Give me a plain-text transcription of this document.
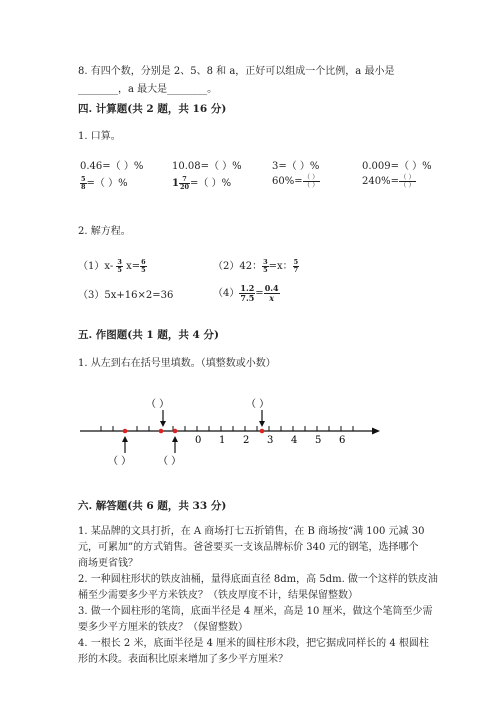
8. 有四个数，分别是 2、5、8 和 a，正好可以组成一个比例，a 最小是
________，a 最大是________。
四. 计算题(共 2 题，共 16 分)
1. 口算。
0.46=（ ）%	10.08=（ ）%	3=（ ）%	0.009=（ ）%
$\frac{5}{8}$ =（ ）%	$1 \frac{7}{20}$ =（ ）%	$60\%= \frac{( )}{( )}$	$240\%= \frac{( )}{( )}$
2. 解方程。
$(1)x- \frac{3}{5} x= \frac{6}{5}$	（2）42： $\frac{3}{5} =x$： $\frac{5}{7}$
（3）5x+16×2=36	$(4) \frac{1.2}{7.5} = \frac{0.4}{x}$
五. 作图题(共 1 题，共 4 分)
1. 从左到右在括号里填数。（填整数或小数）
（ ）	（ ）
0 1 2 3 4 5 6
（ ）	（ ）
六. 解答题(共 6 题，共 33 分)
1. 某品牌的文具打折，在 A 商场打七五折销售，在 B 商场按“满 100 元减 30
元，可累加”的方式销售。爸爸要买一支该品牌标价 340 元的钢笔，选择哪个
商场更省钱？
2. 一种圆柱形状的铁皮油桶，量得底面直径 8dm，高 5dm. 做一个这样的铁皮油
桶至少需要多少平方米铁皮？（铁皮厚度不计，结果保留整数）
3. 做一个圆柱形的笔筒，底面半径是 4 厘米，高是 10 厘米，做这个笔筒至少需
要多少平方厘米的铁皮？（保留整数）
4. 一根长 2 米，底面半径是 4 厘米的圆柱形木段，把它据成同样长的 4 根圆柱
形的木段。表面积比原来增加了多少平方厘米？
